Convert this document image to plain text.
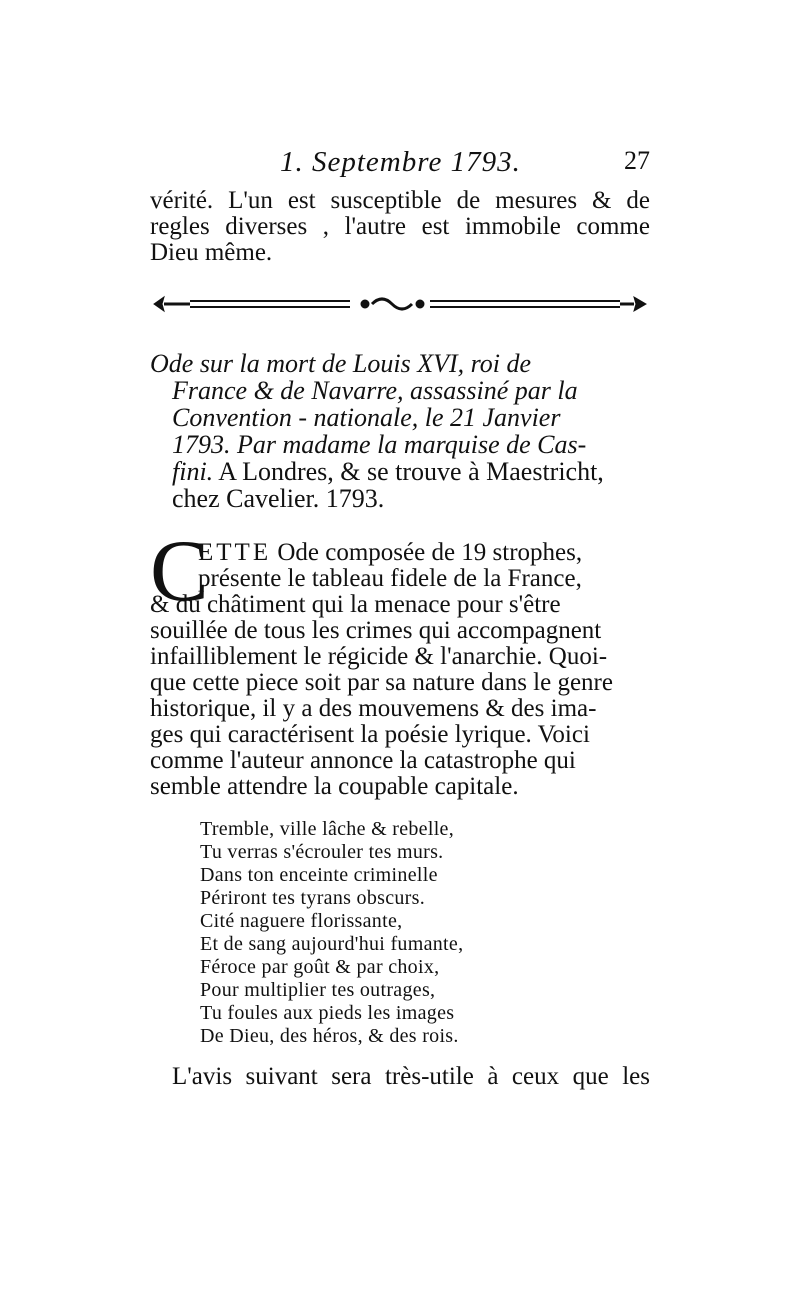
1. Septembre 1793.	27
vérité. L'un est susceptible de mesures & de
regles diverses , l'autre est immobile comme
Dieu même.
Ode sur la mort de Louis XVI, roi de
France & de Navarre, assassiné par la
Convention - nationale, le 21 Janvier
1793. Par madame la marquise de Cas-
fini. A Londres, & se trouve à Maestricht,
chez Cavelier. 1793.
C
ETTE Ode composée de 19 strophes,
présente le tableau fidele de la France,
& du châtiment qui la menace pour s'être
souillée de tous les crimes qui accompagnent
infailliblement le régicide & l'anarchie. Quoi-
que cette piece soit par sa nature dans le genre
historique, il y a des mouvemens & des ima-
ges qui caractérisent la poésie lyrique. Voici
comme l'auteur annonce la catastrophe qui
semble attendre la coupable capitale.
Tremble, ville lâche & rebelle,
Tu verras s'écrouler tes murs.
Dans ton enceinte criminelle
Périront tes tyrans obscurs.
Cité naguere florissante,
Et de sang aujourd'hui fumante,
Féroce par goût & par choix,
Pour multiplier tes outrages,
Tu foules aux pieds les images
De Dieu, des héros, & des rois.
L'avis suivant sera très-utile à ceux que les
